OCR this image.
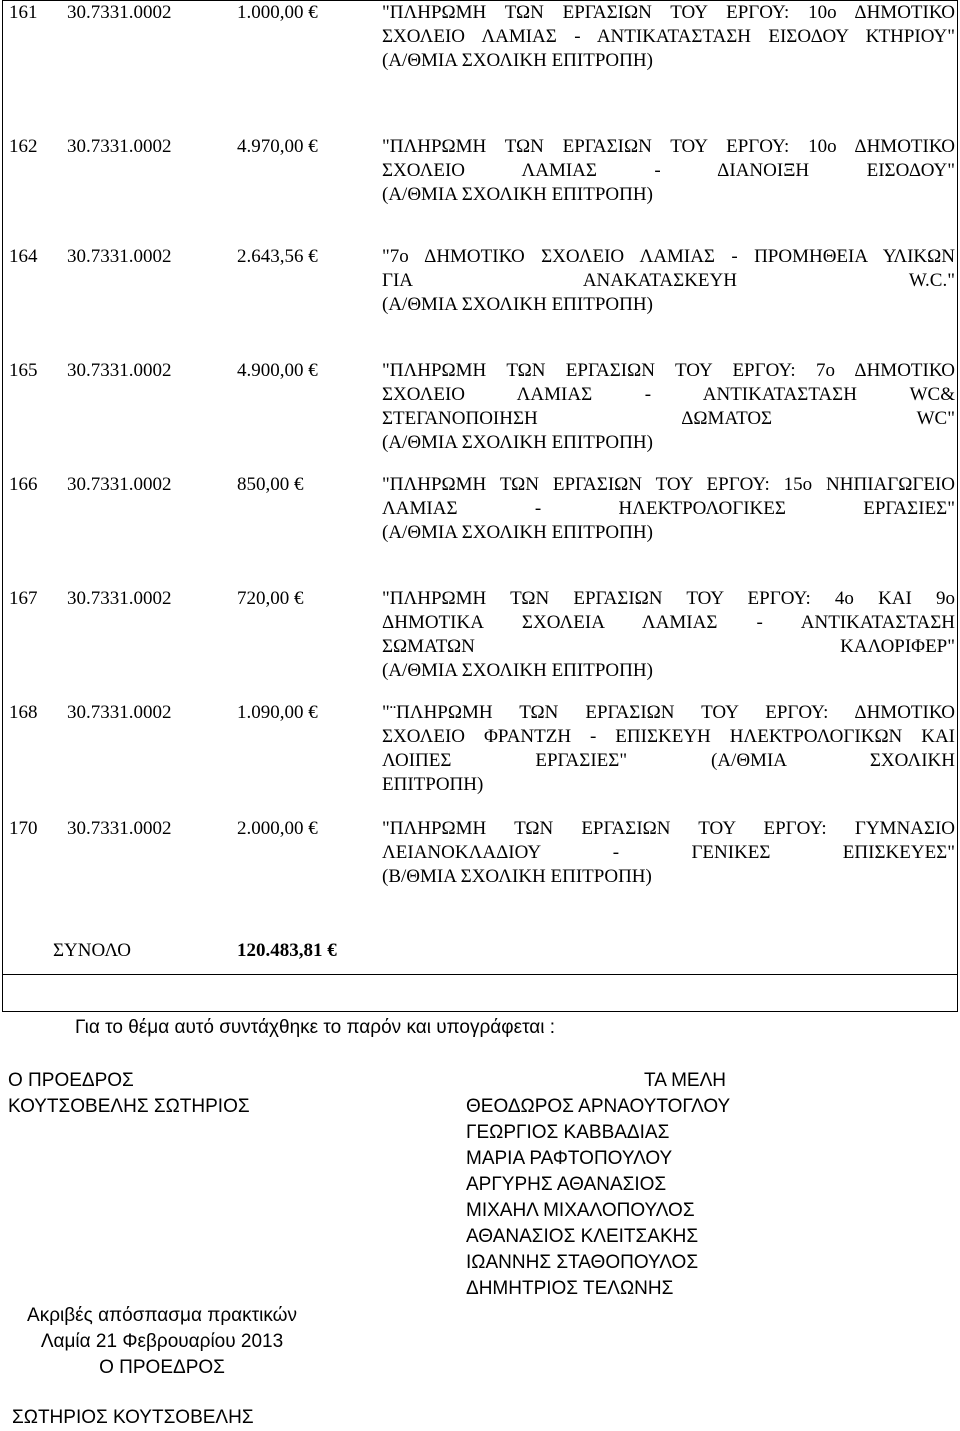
161 30.7331.0002	1.000,00 €	"ΠΛΗΡΩΜΗ ΤΩΝ ΕΡΓΑΣΙΩΝ ΤΟΥ ΕΡΓΟΥ: 10ο ΔΗΜΟΤΙΚΟ
ΣΧΟΛΕΙΟ ΛΑΜΙΑΣ - ΑΝΤΙΚΑΤΑΣΤΑΣΗ ΕΙΣΟΔΟΥ ΚΤΗΡΙΟΥ"
(Α/ΘΜΙΑ ΣΧΟΛΙΚΗ ΕΠΙΤΡΟΠΗ)
162 30.7331.0002	4.970,00 €	"ΠΛΗΡΩΜΗ ΤΩΝ ΕΡΓΑΣΙΩΝ ΤΟΥ ΕΡΓΟΥ: 10ο ΔΗΜΟΤΙΚΟ
ΣΧΟΛΕΙΟ ΛΑΜΙΑΣ - ΔΙΑΝΟΙΞΗ ΕΙΣΟΔΟΥ"
(Α/ΘΜΙΑ ΣΧΟΛΙΚΗ ΕΠΙΤΡΟΠΗ)
164 30.7331.0002	2.643,56 €	"7ο ΔΗΜΟΤΙΚΟ ΣΧΟΛΕΙΟ ΛΑΜΙΑΣ - ΠΡΟΜΗΘΕΙΑ ΥΛΙΚΩΝ
ΓΙΑ ΑΝΑΚΑΤΑΣΚΕΥΗ W.C."
(Α/ΘΜΙΑ ΣΧΟΛΙΚΗ ΕΠΙΤΡΟΠΗ)
165 30.7331.0002	4.900,00 €	"ΠΛΗΡΩΜΗ ΤΩΝ ΕΡΓΑΣΙΩΝ ΤΟΥ ΕΡΓΟΥ: 7ο ΔΗΜΟΤΙΚΟ
ΣΧΟΛΕΙΟ ΛΑΜΙΑΣ - ΑΝΤΙΚΑΤΑΣΤΑΣΗ WC&
ΣΤΕΓΑΝΟΠΟΙΗΣΗ ΔΩΜΑΤΟΣ WC"
(Α/ΘΜΙΑ ΣΧΟΛΙΚΗ ΕΠΙΤΡΟΠΗ)
166 30.7331.0002	850,00 €	"ΠΛΗΡΩΜΗ ΤΩΝ ΕΡΓΑΣΙΩΝ ΤΟΥ ΕΡΓΟΥ: 15ο ΝΗΠΙΑΓΩΓΕΙΟ
ΛΑΜΙΑΣ - ΗΛΕΚΤΡΟΛΟΓΙΚΕΣ ΕΡΓΑΣΙΕΣ"
(Α/ΘΜΙΑ ΣΧΟΛΙΚΗ ΕΠΙΤΡΟΠΗ)
167 30.7331.0002	720,00 €	"ΠΛΗΡΩΜΗ ΤΩΝ ΕΡΓΑΣΙΩΝ ΤΟΥ ΕΡΓΟΥ: 4ο ΚΑΙ 9ο
ΔΗΜΟΤΙΚΑ ΣΧΟΛΕΙΑ ΛΑΜΙΑΣ - ΑΝΤΙΚΑΤΑΣΤΑΣΗ
ΣΩΜΑΤΩΝ ΚΑΛΟΡΙΦΕΡ"
(Α/ΘΜΙΑ ΣΧΟΛΙΚΗ ΕΠΙΤΡΟΠΗ)
168 30.7331.0002	1.090,00 €	"¨ΠΛΗΡΩΜΗ ΤΩΝ ΕΡΓΑΣΙΩΝ ΤΟΥ ΕΡΓΟΥ: ΔΗΜΟΤΙΚΟ
ΣΧΟΛΕΙΟ ΦΡΑΝΤΖΗ - ΕΠΙΣΚΕΥΗ ΗΛΕΚΤΡΟΛΟΓΙΚΩΝ ΚΑΙ
ΛΟΙΠΕΣ ΕΡΓΑΣΙΕΣ" (Α/ΘΜΙΑ ΣΧΟΛΙΚΗ
ΕΠΙΤΡΟΠΗ)
170 30.7331.0002	2.000,00 €	"ΠΛΗΡΩΜΗ ΤΩΝ ΕΡΓΑΣΙΩΝ ΤΟΥ ΕΡΓΟΥ: ΓΥΜΝΑΣΙΟ
ΛΕΙΑΝΟΚΛΑΔΙΟΥ - ΓΕΝΙΚΕΣ ΕΠΙΣΚΕΥΕΣ"
(Β/ΘΜΙΑ ΣΧΟΛΙΚΗ ΕΠΙΤΡΟΠΗ)
ΣΥΝΟΛΟ	120.483,81 €
Για το θέμα αυτό συντάχθηκε το παρόν και υπογράφεται :
Ο ΠΡΟΕΔΡΟΣ
ΚΟΥΤΣΟΒΕΛΗΣ ΣΩΤΗΡΙΟΣ
ΤΑ ΜΕΛΗ
ΘΕΟΔΩΡΟΣ ΑΡΝΑΟΥΤΟΓΛΟΥ
ΓΕΩΡΓΙΟΣ ΚΑΒΒΑΔΙΑΣ
ΜΑΡΙΑ ΡΑΦΤΟΠΟΥΛΟΥ
ΑΡΓΥΡΗΣ ΑΘΑΝΑΣΙΟΣ
ΜΙΧΑΗΛ ΜΙΧΑΛΟΠΟΥΛΟΣ
ΑΘΑΝΑΣΙΟΣ ΚΛΕΙΤΣΑΚΗΣ
ΙΩΑΝΝΗΣ ΣΤΑΘΟΠΟΥΛΟΣ
ΔΗΜΗΤΡΙΟΣ ΤΕΛΩΝΗΣ
Ακριβές απόσπασμα πρακτικών
Λαμία 21 Φεβρουαρίου 2013
Ο ΠΡΟΕΔΡΟΣ
ΣΩΤΗΡΙΟΣ ΚΟΥΤΣΟΒΕΛΗΣ
